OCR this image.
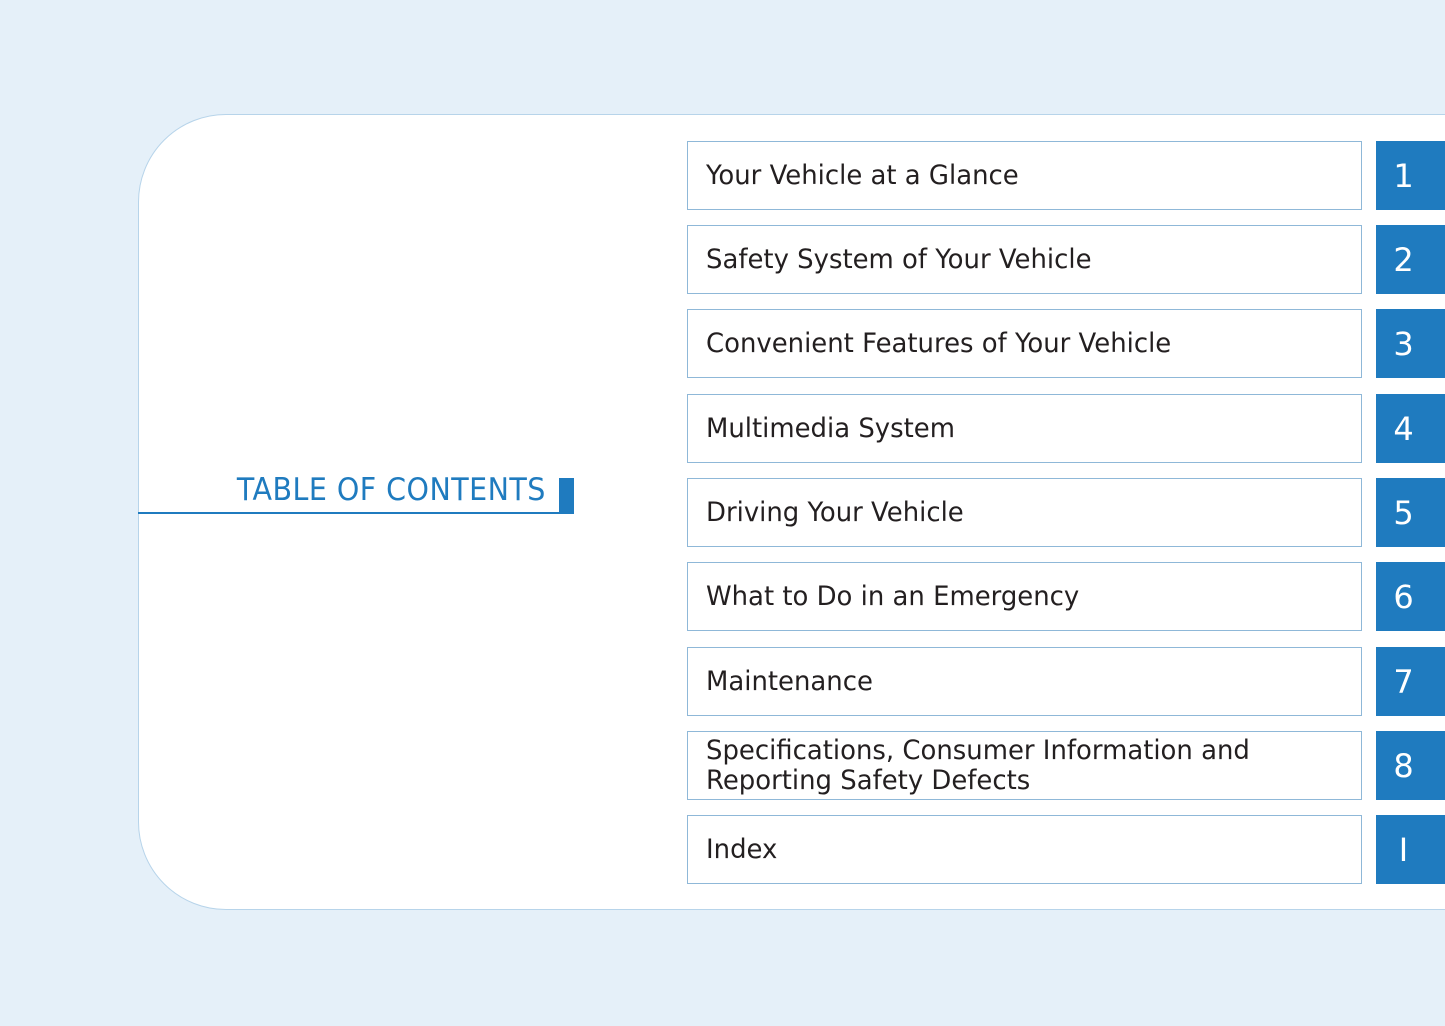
TABLE OF CONTENTS
Your Vehicle at a Glance	1
Safety System of Your Vehicle	2
Convenient Features of Your Vehicle	3
Multimedia System	4
Driving Your Vehicle	5
What to Do in an Emergency	6
Maintenance	7
Specifications, Consumer Information and
Reporting Safety Defects	8
Index	I
